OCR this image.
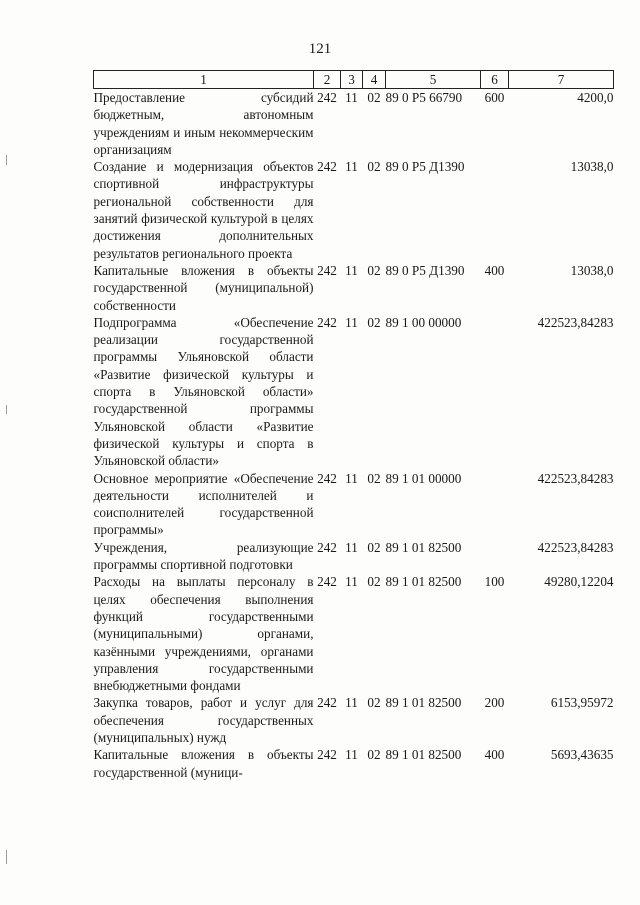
121
1	2	3	4	5	6	7
Предоставление субсидий бюджетным, автономным учреждениям и иным некоммерческим организациям	242	11	02	89 0 P5 66790	600	4200,0
Создание и модернизация объектов спортивной инфраструктуры региональной собственности для занятий физической культурой в целях достижения дополнительных результатов регионального проекта	242	11	02	89 0 P5 Д1390		13038,0
Капитальные вложения в объекты государственной (муниципальной) собственности	242	11	02	89 0 P5 Д1390	400	13038,0
Подпрограмма «Обеспечение реализации государственной программы Ульяновской области «Развитие физической культуры и спорта в Ульяновской области» государственной программы Ульяновской области «Развитие физической культуры и спорта в Ульяновской области»	242	11	02	89 1 00 00000		422523,84283
Основное мероприятие «Обеспечение деятельности исполнителей и соисполнителей государственной программы»	242	11	02	89 1 01 00000		422523,84283
Учреждения, реализующие программы спортивной подготовки	242	11	02	89 1 01 82500		422523,84283
Расходы на выплаты персоналу в целях обеспечения выполнения функций государственными (муниципальными) органами, казёнными учреждениями, органами управления государственными внебюджетными фондами	242	11	02	89 1 01 82500	100	49280,12204
Закупка товаров, работ и услуг для обеспечения государственных (муниципальных) нужд	242	11	02	89 1 01 82500	200	6153,95972
Капитальные вложения в объекты государственной (муници-	242	11	02	89 1 01 82500	400	5693,43635
